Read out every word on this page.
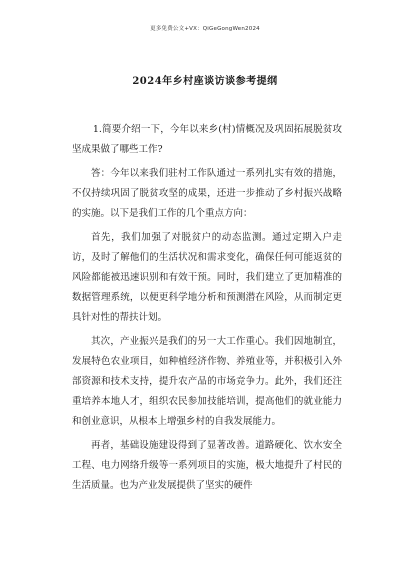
更多免费公文+VX：QiGeGongWen2024
2024年乡村座谈访谈参考提纲

1.简要介绍一下，今年以来乡(村)情概况及巩固拓展脱贫攻坚成果做了哪些工作?

答：今年以来我们驻村工作队通过一系列扎实有效的措施，不仅持续巩固了脱贫攻坚的成果，还进一步推动了乡村振兴战略的实施。以下是我们工作的几个重点方向：

首先，我们加强了对脱贫户的动态监测。通过定期入户走访，及时了解他们的生活状况和需求变化，确保任何可能返贫的风险都能被迅速识别和有效干预。同时，我们建立了更加精准的数据管理系统，以便更科学地分析和预测潜在风险，从而制定更具针对性的帮扶计划。

其次，产业振兴是我们的另一大工作重心。我们因地制宜，发展特色农业项目，如种植经济作物、养殖业等，并积极引入外部资源和技术支持，提升农产品的市场竞争力。此外，我们还注重培养本地人才，组织农民参加技能培训，提高他们的就业能力和创业意识，从根本上增强乡村的自我发展能力。

再者，基础设施建设得到了显著改善。道路硬化、饮水安全工程、电力网络升级等一系列项目的实施，极大地提升了村民的生活质量。也为产业发展提供了坚实的硬件
